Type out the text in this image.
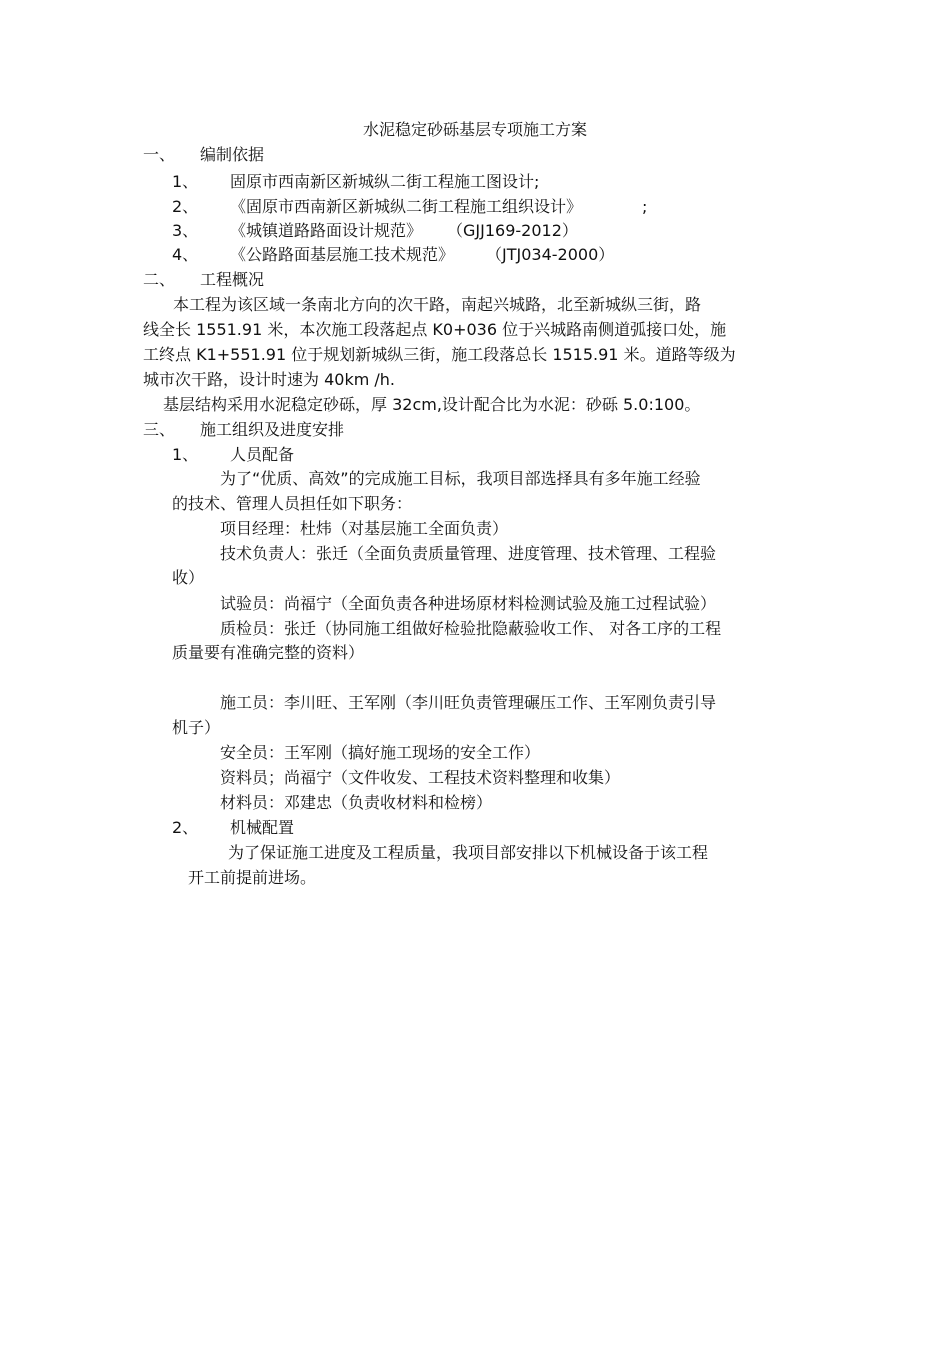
水泥稳定砂砾基层专项施工方案
一、 编制依据
1、 固原市西南新区新城纵二街工程施工图设计;
2、 《固原市西南新区新城纵二街工程施工组织设计》	;
3、 《城镇道路路面设计规范》 （GJJ169-2012）
4、 《公路路面基层施工技术规范》 （JTJ034-2000）
二、 工程概况
本工程为该区域一条南北方向的次干路，南起兴城路，北至新城纵三街，路
线全长 1551.91 米，本次施工段落起点 K0+036 位于兴城路南侧道弧接口处，施
工终点 K1+551.91 位于规划新城纵三街，施工段落总长 1515.91 米。道路等级为
城市次干路，设计时速为 40km /h.
基层结构采用水泥稳定砂砾，厚 32cm,设计配合比为水泥：砂砾 5.0:100。
三、 施工组织及进度安排
1、 人员配备
为了“优质、高效”的完成施工目标，我项目部选择具有多年施工经验
的技术、管理人员担任如下职务：
项目经理：杜炜（对基层施工全面负责）
技术负责人：张迁（全面负责质量管理、进度管理、技术管理、工程验
收）
试验员：尚福宁（全面负责各种进场原材料检测试验及施工过程试验）
质检员：张迁（协同施工组做好检验批隐蔽验收工作、 对各工序的工程
质量要有准确完整的资料）
施工员：李川旺、王军刚（李川旺负责管理碾压工作、王军刚负责引导
机子）
安全员：王军刚（搞好施工现场的安全工作）
资料员；尚福宁（文件收发、工程技术资料整理和收集）
材料员：邓建忠（负责收材料和检榜）
2、 机械配置
为了保证施工进度及工程质量，我项目部安排以下机械设备于该工程
开工前提前进场。
